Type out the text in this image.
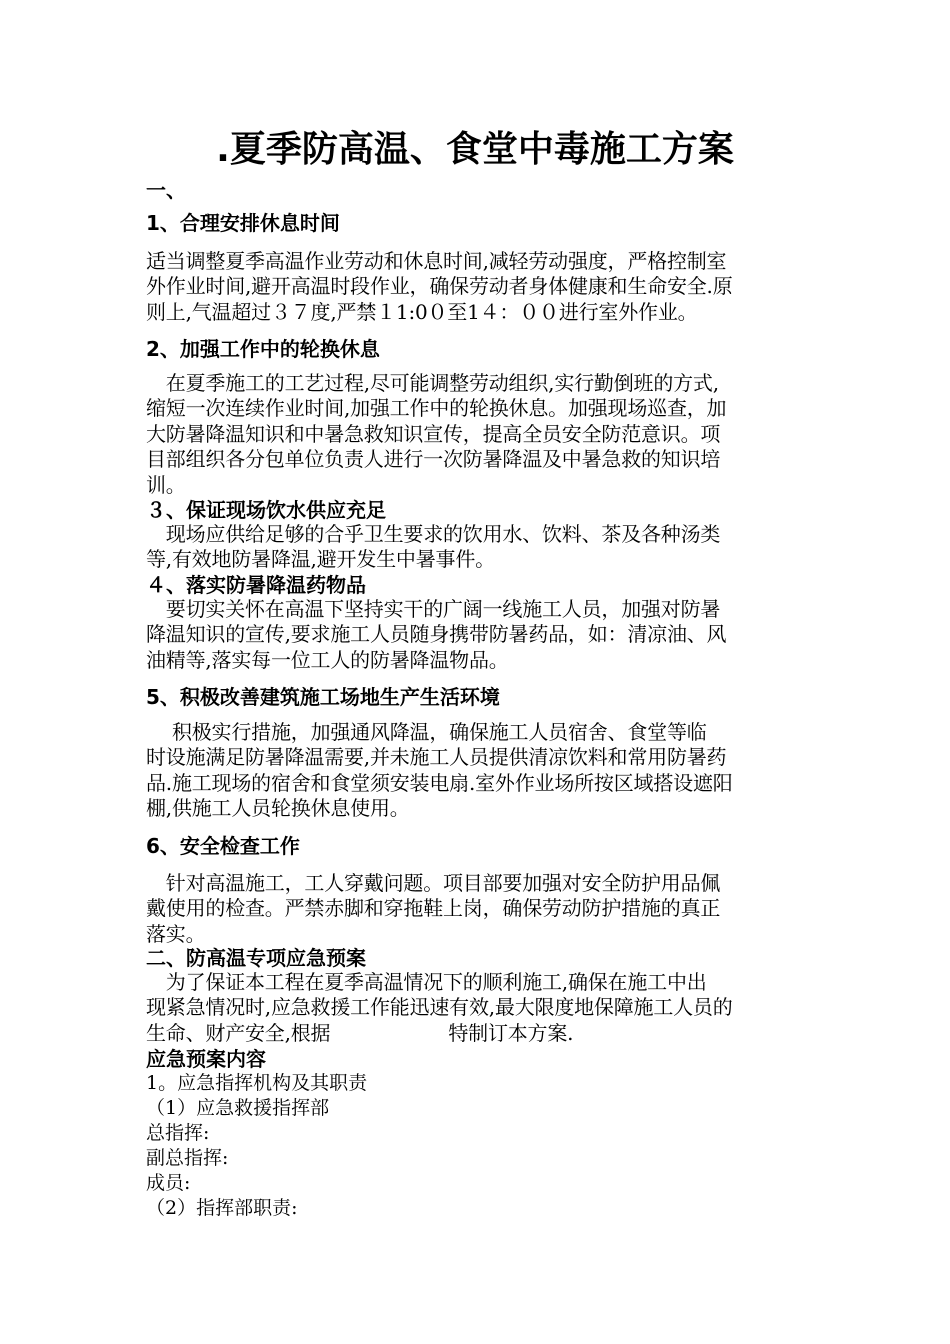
.夏季防高温、食堂中毒施工方案
一、
1、合理安排休息时间
适当调整夏季高温作业劳动和休息时间,减轻劳动强度，严格控制室
外作业时间,避开高温时段作业，确保劳动者身体健康和生命安全.原
则上,气温超过３７度,严禁１1:0０至1４：００进行室外作业。
2、加强工作中的轮换休息
　在夏季施工的工艺过程,尽可能调整劳动组织,实行勤倒班的方式,
缩短一次连续作业时间,加强工作中的轮换休息。加强现场巡查，加
大防暑降温知识和中暑急救知识宣传，提高全员安全防范意识。项
目部组织各分包单位负责人进行一次防暑降温及中暑急救的知识培
训。
３、保证现场饮水供应充足
　现场应供给足够的合乎卫生要求的饮用水、饮料、茶及各种汤类
等,有效地防暑降温,避开发生中暑事件。
４、落实防暑降温药物品
　要切实关怀在高温下坚持实干的广阔一线施工人员，加强对防暑
降温知识的宣传,要求施工人员随身携带防暑药品，如：清凉油、风
油精等,落实每一位工人的防暑降温物品。
5、积极改善建筑施工场地生产生活环境
　 积极实行措施，加强通风降温，确保施工人员宿舍、食堂等临
时设施满足防暑降温需要,并未施工人员提供清凉饮料和常用防暑药
品.施工现场的宿舍和食堂须安装电扇.室外作业场所按区域搭设遮阳
棚,供施工人员轮换休息使用。
6、安全检查工作
　针对高温施工，工人穿戴问题。项目部要加强对安全防护用品佩
戴使用的检查。严禁赤脚和穿拖鞋上岗，确保劳动防护措施的真正
落实。
二、防高温专项应急预案
　为了保证本工程在夏季高温情况下的顺利施工,确保在施工中出
现紧急情况时,应急救援工作能迅速有效,最大限度地保障施工人员的
生命、财产安全,根据	特制订本方案.
应急预案内容
1。应急指挥机构及其职责
（1）应急救援指挥部
总指挥:
副总指挥:
成员:
（2）指挥部职责:
